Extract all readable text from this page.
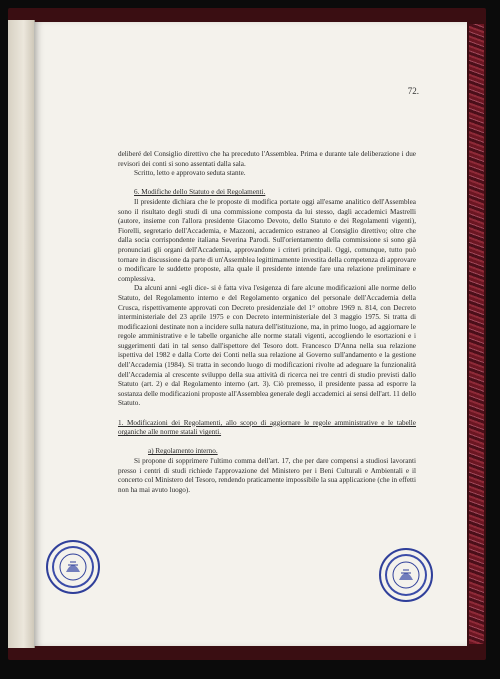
72.

deliberé del Consiglio direttivo che ha preceduto l'Assemblea. Prima e durante tale deliberazione i due revisori dei conti si sono assentati dalla sala.

Scritto, letto e approvato seduta stante.

6. Modifiche dello Statuto e dei Regolamenti.

Il presidente dichiara che le proposte di modifica portate oggi all'esame analitico dell'Assemblea sono il risultato degli studi di una commissione composta da lui stesso, dagli accademici Mastrelli (autore, insieme con l'allora presidente Giacomo Devoto, dello Statuto e dei Regolamenti vigenti), Fiorelli, segretario dell'Accademia, e Mazzoni, accademico estraneo al Consiglio direttivo; oltre che dalla socia corrispondente italiana Severina Parodi. Sull'orientamento della commissione si sono già pronunciati gli organi dell'Accademia, approvandone i criteri principali. Oggi, comunque, tutto può tornare in discussione da parte di un'Assemblea legittimamente investita della competenza di approvare o modificare le suddette proposte, alla quale il presidente intende fare una relazione preliminare e complessiva.

Da alcuni anni -egli dice- si è fatta viva l'esigenza di fare alcune modificazioni alle norme dello Statuto, del Regolamento interno e del Regolamento organico del personale dell'Accademia della Crusca, rispettivamente approvati con Decreto presidenziale del 1° ottobre 1969 n. 814, con Decreto interministeriale del 23 aprile 1975 e con Decreto interministeriale del 3 maggio 1975. Si tratta di modificazioni destinate non a incidere sulla natura dell'istituzione, ma, in primo luogo, ad aggiornare le regole amministrative e le tabelle organiche alle norme statali vigenti, accogliendo le esortazioni e i suggerimenti dati in tal senso dall'ispettore del Tesoro dott. Francesco D'Anna nella sua relazione ispettiva del 1982 e dalla Corte dei Conti nella sua relazione al Governo sull'andamento e la gestione dell'Accademia (1984). Si tratta in secondo luogo di modificazioni rivolte ad adeguare la funzionalità dell'Accademia al crescente sviluppo della sua attività di ricerca nei tre centri di studio previsti dallo Statuto (art. 2) e dal Regolamento interno (art. 3). Ciò premesso, il presidente passa ad esporre la sostanza delle modificazioni proposte all'Assemblea generale degli accademici ai sensi dell'art. 11 dello Statuto.

1. Modificazioni dei Regolamenti, allo scopo di aggiornare le regole amministrative e le tabelle organiche alle norme statali vigenti.

a) Regolamento interno.

Si propone di sopprimere l'ultimo comma dell'art. 17, che per dare compensi a studiosi lavoranti presso i centri di studi richiede l'approvazione del Ministero per i Beni Culturali e Ambientali e il concerto col Ministero del Tesoro, rendendo praticamente impossibile la sua applicazione (che in effetti non ha mai avuto luogo).
